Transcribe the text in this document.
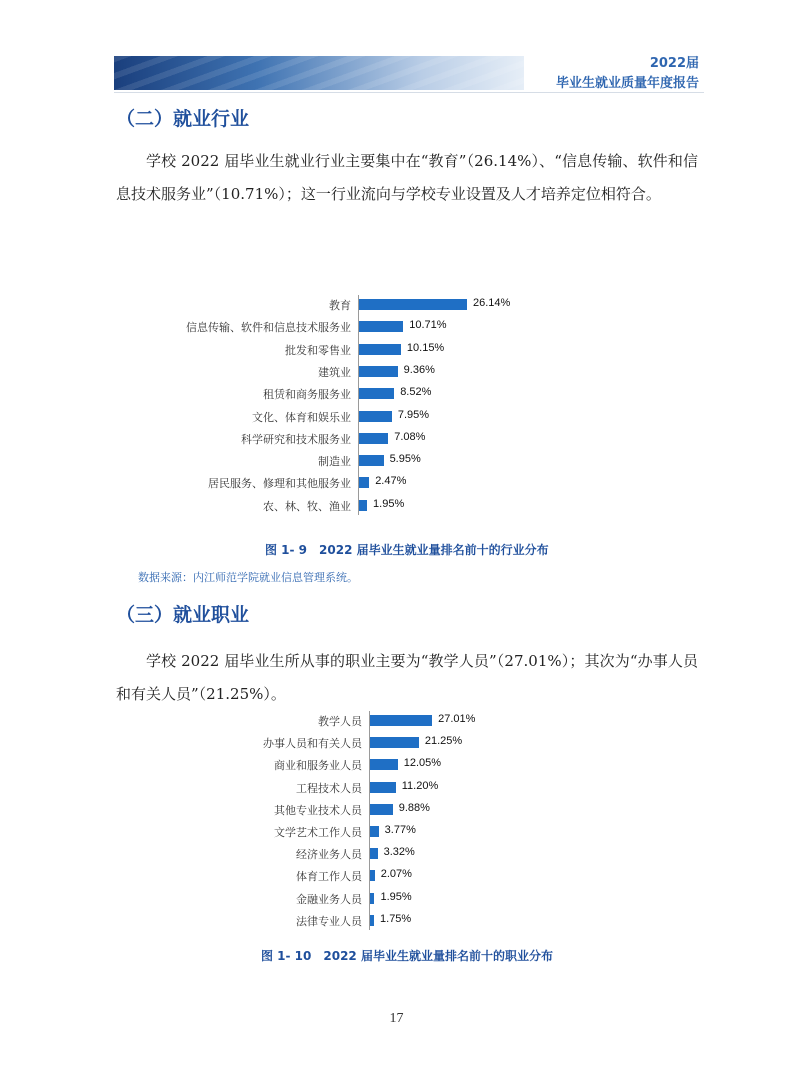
2022届
毕业生就业质量年度报告
（二）就业行业
学校 2022 届毕业生就业行业主要集中在“教育”（26.14%）、“信息传输、软件和信息技术服务业”（10.71%）；这一行业流向与学校专业设置及人才培养定位相符合。
教育	26.14%
信息传输、软件和信息技术服务业	10.71%
批发和零售业	10.15%
建筑业	9.36%
租赁和商务服务业	8.52%
文化、体育和娱乐业	7.95%
科学研究和技术服务业	7.08%
制造业	5.95%
居民服务、修理和其他服务业 2.47%
农、林、牧、渔业 1.95%
图 1- 9　2022 届毕业生就业量排名前十的行业分布
数据来源：内江师范学院就业信息管理系统。
（三）就业职业
学校 2022 届毕业生所从事的职业主要为“教学人员”（27.01%）；其次为“办事人员和有关人员”（21.25%）。
教学人员	27.01%
办事人员和有关人员	21.25%
商业和服务业人员	12.05%
工程技术人员	11.20%
其他专业技术人员	9.88%
文学艺术工作人员 3.77%
经济业务人员 3.32%
体育工作人员 2.07%
金融业务人员 1.95%
法律专业人员 1.75%
图 1- 10　2022 届毕业生就业量排名前十的职业分布
17
